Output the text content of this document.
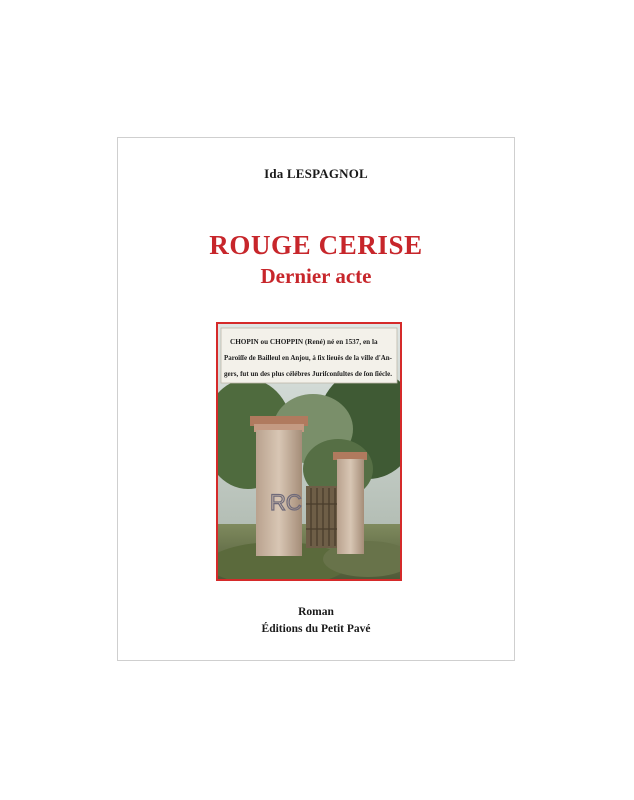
Ida LESPAGNOL
ROUGE CERISE
Dernier acte
RC
CHOPIN ou CHOPPIN (René) né en 1537, en la
Paroiſſe de Bailleul en Anjou, à ſix lieuës de la ville d'An-
gers, fut un des plus célébres Juriſconſultes de ſon ſiécle.
Roman
Éditions du Petit Pavé
